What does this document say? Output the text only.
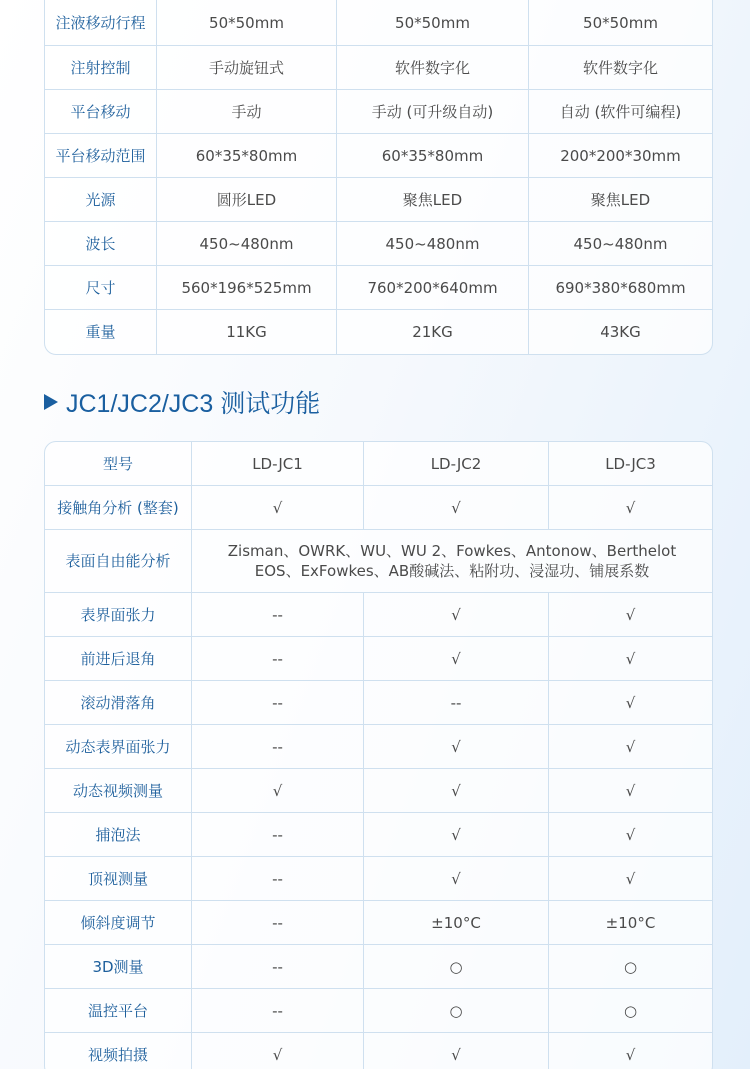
注液移动行程	50*50mm	50*50mm	50*50mm
注射控制	手动旋钮式	软件数字化	软件数字化
平台移动	手动	手动 (可升级自动)	自动 (软件可编程)
平台移动范围	60*35*80mm	60*35*80mm	200*200*30mm
光源	圆形LED	聚焦LED	聚焦LED
波长	450~480nm	450~480nm	450~480nm
尺寸	560*196*525mm	760*200*640mm	690*380*680mm
重量	11KG	21KG	43KG
JC1/JC2/JC3 测试功能
型号	LD-JC1	LD-JC2	LD-JC3
接触角分析 (整套)	√	√	√
表面自由能分析	Zisman、OWRK、WU、WU 2、Fowkes、Antonow、Berthelot
EOS、ExFowkes、AB酸碱法、粘附功、浸湿功、铺展系数		

表界面张力	--	√	√
前进后退角	--	√	√
滚动滑落角	--	--	√
动态表界面张力	--	√	√
动态视频测量	√	√	√
捕泡法	--	√	√
顶视测量	--	√	√
倾斜度调节	--	±10°C	±10°C
3D测量	--	○	○
温控平台	--	○	○
视频拍摄	√	√	√
